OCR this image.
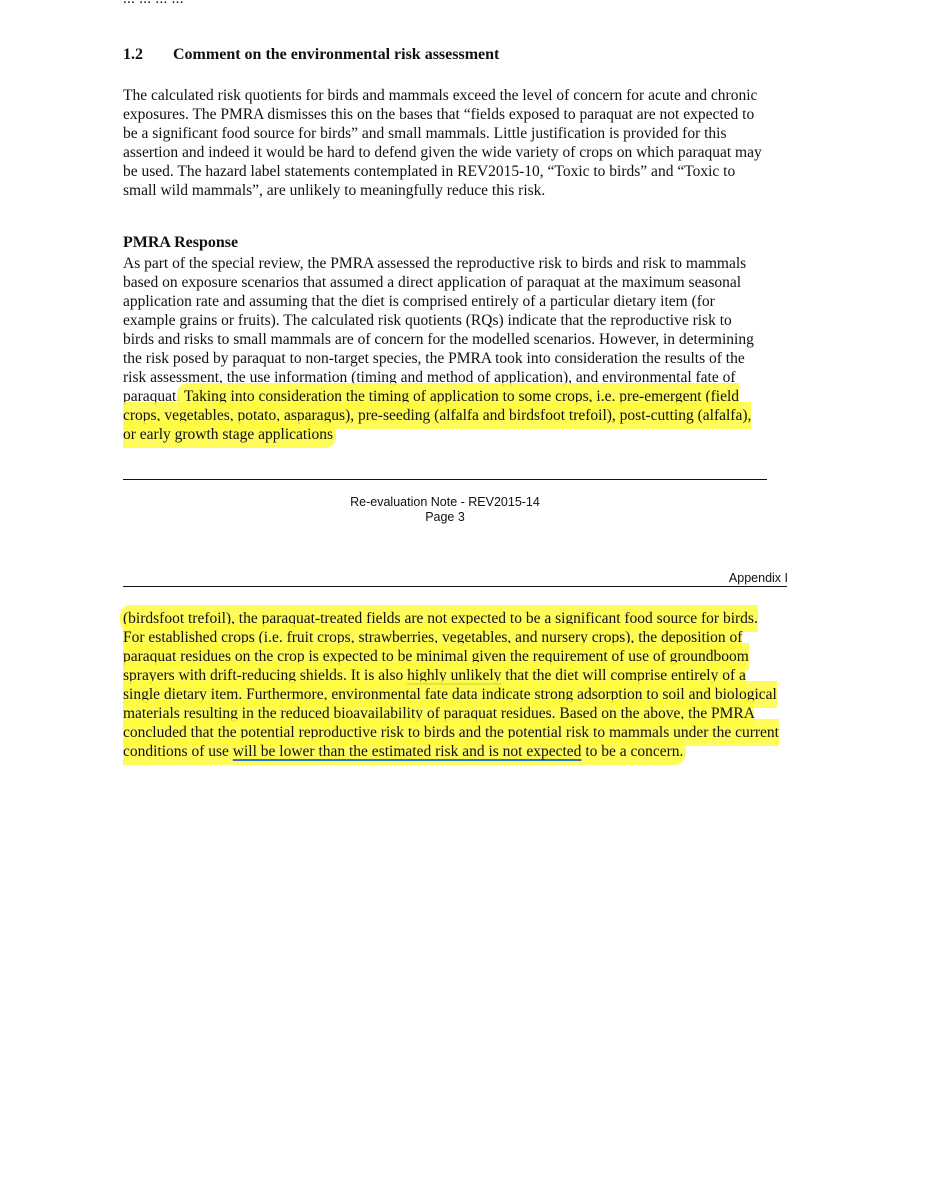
1.2 Comment on the environmental risk assessment

The calculated risk quotients for birds and mammals exceed the level of concern for acute and chronic exposures. The PMRA dismisses this on the bases that “fields exposed to paraquat are not expected to be a significant food source for birds” and small mammals. Little justification is provided for this assertion and indeed it would be hard to defend given the wide variety of crops on which paraquat may be used. The hazard label statements contemplated in REV2015-10, “Toxic to birds” and “Toxic to small wild mammals”, are unlikely to meaningfully reduce this risk.

PMRA Response

As part of the special review, the PMRA assessed the reproductive risk to birds and risk to mammals based on exposure scenarios that assumed a direct application of paraquat at the maximum seasonal application rate and assuming that the diet is comprised entirely of a particular dietary item (for example grains or fruits). The calculated risk quotients (RQs) indicate that the reproductive risk to birds and risks to small mammals are of concern for the modelled scenarios. However, in determining the risk posed by paraquat to non-target species, the PMRA took into consideration the results of the risk assessment, the use information (timing and method of application), and environmental fate of paraquat. Taking into consideration the timing of application to some crops, i.e. pre-emergent (field crops, vegetables, potato, asparagus), pre-seeding (alfalfa and birdsfoot trefoil), post-cutting (alfalfa), or early growth stage applications

Re-evaluation Note - REV2015-14
Page 3
Appendix I

(birdsfoot trefoil), the paraquat-treated fields are not expected to be a significant food source for birds. For established crops (i.e. fruit crops, strawberries, vegetables, and nursery crops), the deposition of paraquat residues on the crop is expected to be minimal given the requirement of use of groundboom sprayers with drift-reducing shields. It is also highly unlikely that the diet will comprise entirely of a single dietary item. Furthermore, environmental fate data indicate strong adsorption to soil and biological materials resulting in the reduced bioavailability of paraquat residues. Based on the above, the PMRA concluded that the potential reproductive risk to birds and the potential risk to mammals under the current conditions of use will be lower than the estimated risk and is not expected to be a concern.
